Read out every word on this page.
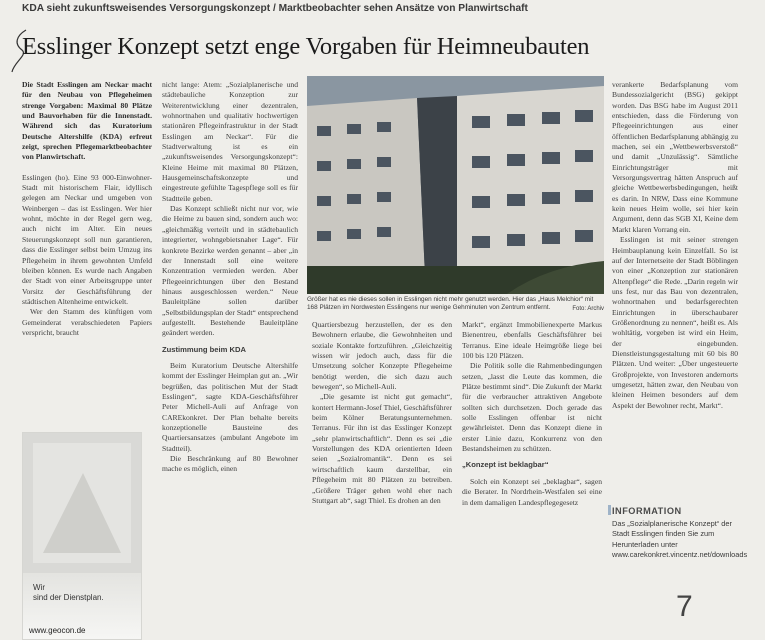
KDA sieht zukunftsweisendes Versorgungskonzept / Marktbeobachter sehen Ansätze von Planwirtschaft
Esslinger Konzept setzt enge Vorgaben für Heimneubauten

Die Stadt Esslingen am Neckar macht für den Neubau von Pflegeheimen strenge Vorgaben: Maximal 80 Plätze und Bauvorhaben für die Innenstadt. Während sich das Kuratorium Deutsche Altershilfe (KDA) erfreut zeigt, sprechen Pflegemarktbeobachter von Planwirtschaft.

Esslingen (ho). Eine 93 000-Einwohner-Stadt mit historischem Flair, idyllisch gelegen am Neckar und umgeben von Weinbergen – das ist Esslingen. Wer hier wohnt, möchte in der Regel gern weg, auch nicht im Alter. Ein neues Steuerungskonzept soll nun garantieren, dass die Esslinger selbst beim Umzug ins Pflegeheim in ihrem gewohnten Umfeld bleiben können. Es wurde nach Angaben der Stadt von einer Arbeitsgruppe unter Vorsitz der Geschäftsführung der städtischen Altenheime entwickelt.

Wer den Stamm des künftigen vom Gemeinderat verabschiedeten Papiers verspricht, braucht

Wir
sind der Dienstplan.
www.geocon.de

nicht lange: Atem: „Sozialplanerische und städtebauliche Konzeption zur Weiterentwicklung einer dezentralen, wohnortnahen und qualitativ hochwertigen stationären Pflegeinfrastruktur in der Stadt Esslingen am Neckar“. Für die Stadtverwaltung ist es ein „zukunftsweisendes Versorgungskonzept“: Kleine Heime mit maximal 80 Plätzen, Hausgemeinschaftskonzepte und eingestreute gefühlte Tagespflege soll es für Stadtteile geben.

Das Konzept schließt nicht nur vor, wie die Heime zu bauen sind, sondern auch wo: „gleichmäßig verteilt und in städtebaulich integrierter, wohngebietsnaher Lage“. Für konkrete Bezirke werden genannt – aber „in der Innenstadt soll eine weitere Konzentration vermieden werden. Aber Pflegeeinrichtungen über den Bestand hinaus ausgeschlossen werden.“ Neue Bauleitpläne sollen darüber „Selbstbildungsplan der Stadt“ entsprechend aufgestellt. Bestehende Bauleitpläne geändert werden.

Zustimmung beim KDA

Beim Kuratorium Deutsche Altershilfe kommt der Esslinger Heimplan gut an. „Wir begrüßen, das politischen Mut der Stadt Esslingen“, sagte KDA-Geschäftsführer Peter Michell-Auli auf Anfrage von CAREkonkret. Der Plan behalte bereits konzeptionelle Bausteine des Quartiersansatzes (ambulant Angebote im Stadtteil).

Die Beschränkung auf 80 Bewohner mache es möglich, einen

Größer hat es nie dieses sollen in Esslingen nicht mehr genutzt werden. Hier das „Haus Melchior“ mit 168 Plätzen im Nordwesten Esslingens nur wenige Gehminuten von Zentrum entfernt.	Foto: Archiv

Quartiersbezug herzustellen, der es den Bewohnern erlaube, die Gewohnheiten und soziale Kontakte fortzuführen. „Gleichzeitig wissen wir jedoch auch, dass für die Umsetzung solcher Konzepte Pflegeheime benötigt werden, die sich dazu auch bewegen“, so Michell-Auli.

„Die gesamte ist nicht gut gemacht“, kontert Hermann-Josef Thiel, Geschäftsführer beim Kölner Beratungsunternehmen. Terranus. Für ihn ist das Esslinger Konzept „sehr planwirtschaftlich“. Denn es sei „die Vorstellungen des KDA orientierten Ideen seien „Sozialromantik“. Denn es sei wirtschaftlich kaum darstellbar, ein Pflegeheim mit 80 Plätzen zu betreiben. „Größere Träger gehen wohl eher nach Stuttgart ab“, sagt Thiel. Es drohen an den

Markt“, ergänzt Immobilienexperte Markus Bienentreu, ebenfalls Geschäftsführer bei Terranus. Eine ideale Heimgröße liege bei 100 bis 120 Plätzen.

Die Politik solle die Rahmenbedingungen setzen, „lasst die Leute das kommen, die Plätze bestimmt sind“. Die Zukunft der Markt für die verbraucher attraktiven Angebote sollten sich durchsetzen. Doch gerade das solle Esslingen offenbar ist nicht gewährleistet. Denn das Konzept diene in erster Linie dazu, Konkurrenz von den Bestandsheimen zu schützen.

„Konzept ist beklagbar“

Solch ein Konzept sei „beklagbar“, sagen die Berater. In Nordrhein-Westfalen sei eine in dem damaligen Landespflegegesetz

verankerte Bedarfsplanung vom Bundessozialgericht (BSG) gekippt worden. Das BSG habe im August 2011 entschieden, dass die Förderung von Pflegeeinrichtungen aus einer öffentlichen Bedarfsplanung abhängig zu machen, sei ein „Wettbewerbsverstoß“ und damit „Unzulässig“. Sämtliche Einrichtungsträger mit Versorgungsvertrag hätten Anspruch auf gleiche Wettbewerbsbedingungen, heißt es darin. In NRW, Dass eine Kommune kein neues Heim wolle, sei hier kein Argument, denn das SGB XI, Keine dem Markt klaren Vorrang ein.

Esslingen ist mit seiner strengen Heimbauplanung kein Einzelfall. So ist auf der Internetseite der Stadt Böblingen von einer „Konzeption zur stationären Altenpflege“ die Rede. „Darin regeln wir uns fest, nur das Bau von dezentralen, wohnortnahen und bedarfsgerechten Einrichtungen in überschaubarer Größenordnung zu nennen“, heißt es. Als wohltätig, vorgeben ist wird ein Heim, der eingebunden. Dienstleistungsgestaltung mit 60 bis 80 Plätzen. Und weiter: „Über ungesteuerte Großprojekte, von Investoren andernorts umgesetzt, hätten zwar, den Neubau von kleinen Heimen besonders auf dem Aspekt der Bewohner recht, Markt“.

INFORMATION
Das „Sozialplanerische Konzept“ der Stadt Esslingen finden Sie zum Herunterladen unter www.carekonkret.vincentz.net/downloads
7
